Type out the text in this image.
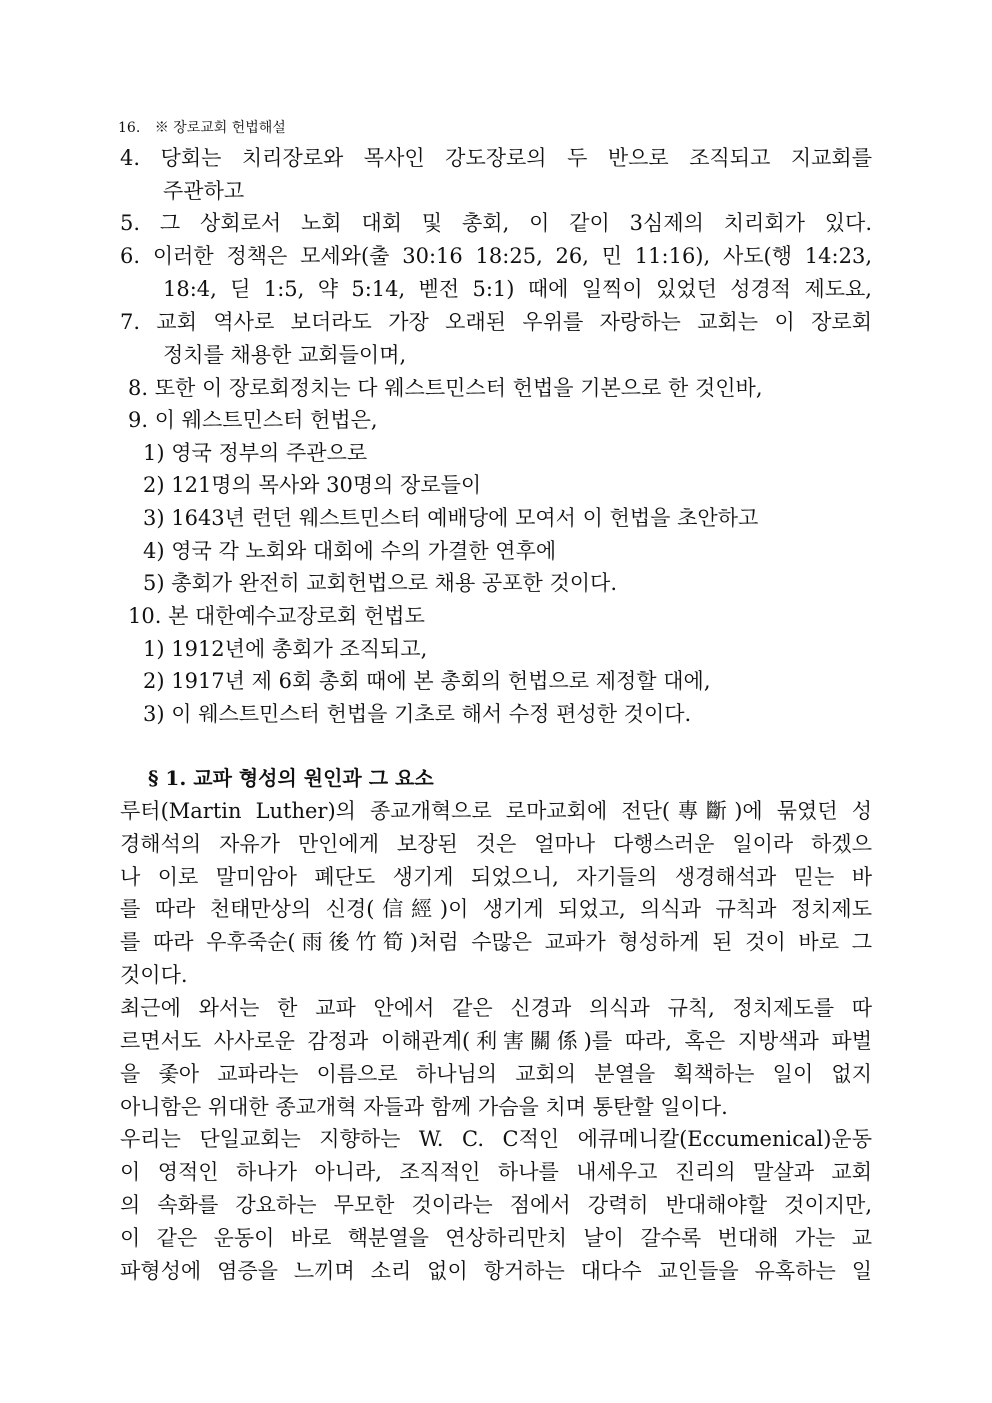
16. ※ 장로교회 헌법해설
4. 당회는 치리장로와 목사인 강도장로의 두 반으로 조직되고 지교회를
주관하고
5. 그 상회로서 노회 대회 및 총회, 이 같이 3심제의 치리회가 있다.
6. 이러한 정책은 모세와(출 30:16 18:25, 26, 민 11:16), 사도(행 14:23,
18:4, 딛 1:5, 약 5:14, 벧전 5:1) 때에 일찍이 있었던 성경적 제도요,
7. 교회 역사로 보더라도 가장 오래된 우위를 자랑하는 교회는 이 장로회
정치를 채용한 교회들이며,
8. 또한 이 장로회정치는 다 웨스트민스터 헌법을 기본으로 한 것인바,
9. 이 웨스트민스터 헌법은,
1) 영국 정부의 주관으로
2) 121명의 목사와 30명의 장로들이
3) 1643년 런던 웨스트민스터 예배당에 모여서 이 헌법을 초안하고
4) 영국 각 노회와 대회에 수의 가결한 연후에
5) 총회가 완전히 교회헌법으로 채용 공포한 것이다.
10. 본 대한예수교장로회 헌법도
1) 1912년에 총회가 조직되고,
2) 1917년 제 6회 총회 때에 본 총회의 헌법으로 제정할 대에,
3) 이 웨스트민스터 헌법을 기초로 해서 수정 편성한 것이다.
§ 1. 교파 형성의 원인과 그 요소
루터(Martin Luther)의 종교개혁으로 로마교회에 전단(專斷)에 묶였던 성
경해석의 자유가 만인에게 보장된 것은 얼마나 다행스러운 일이라 하겠으
나 이로 말미암아 폐단도 생기게 되었으니, 자기들의 생경해석과 믿는 바
를 따라 천태만상의 신경(信經)이 생기게 되었고, 의식과 규칙과 정치제도
를 따라 우후죽순(雨後竹筍)처럼 수많은 교파가 형성하게 된 것이 바로 그
것이다.
최근에 와서는 한 교파 안에서 같은 신경과 의식과 규칙, 정치제도를 따
르면서도 사사로운 감정과 이해관계(利害關係)를 따라, 혹은 지방색과 파벌
을 좇아 교파라는 이름으로 하나님의 교회의 분열을 획책하는 일이 없지
아니함은 위대한 종교개혁 자들과 함께 가슴을 치며 통탄할 일이다.
우리는 단일교회는 지향하는 W. C. C적인 에큐메니칼(Eccumenical)운동
이 영적인 하나가 아니라, 조직적인 하나를 내세우고 진리의 말살과 교회
의 속화를 강요하는 무모한 것이라는 점에서 강력히 반대해야할 것이지만,
이 같은 운동이 바로 핵분열을 연상하리만치 날이 갈수록 번대해 가는 교
파형성에 염증을 느끼며 소리 없이 항거하는 대다수 교인들을 유혹하는 일
